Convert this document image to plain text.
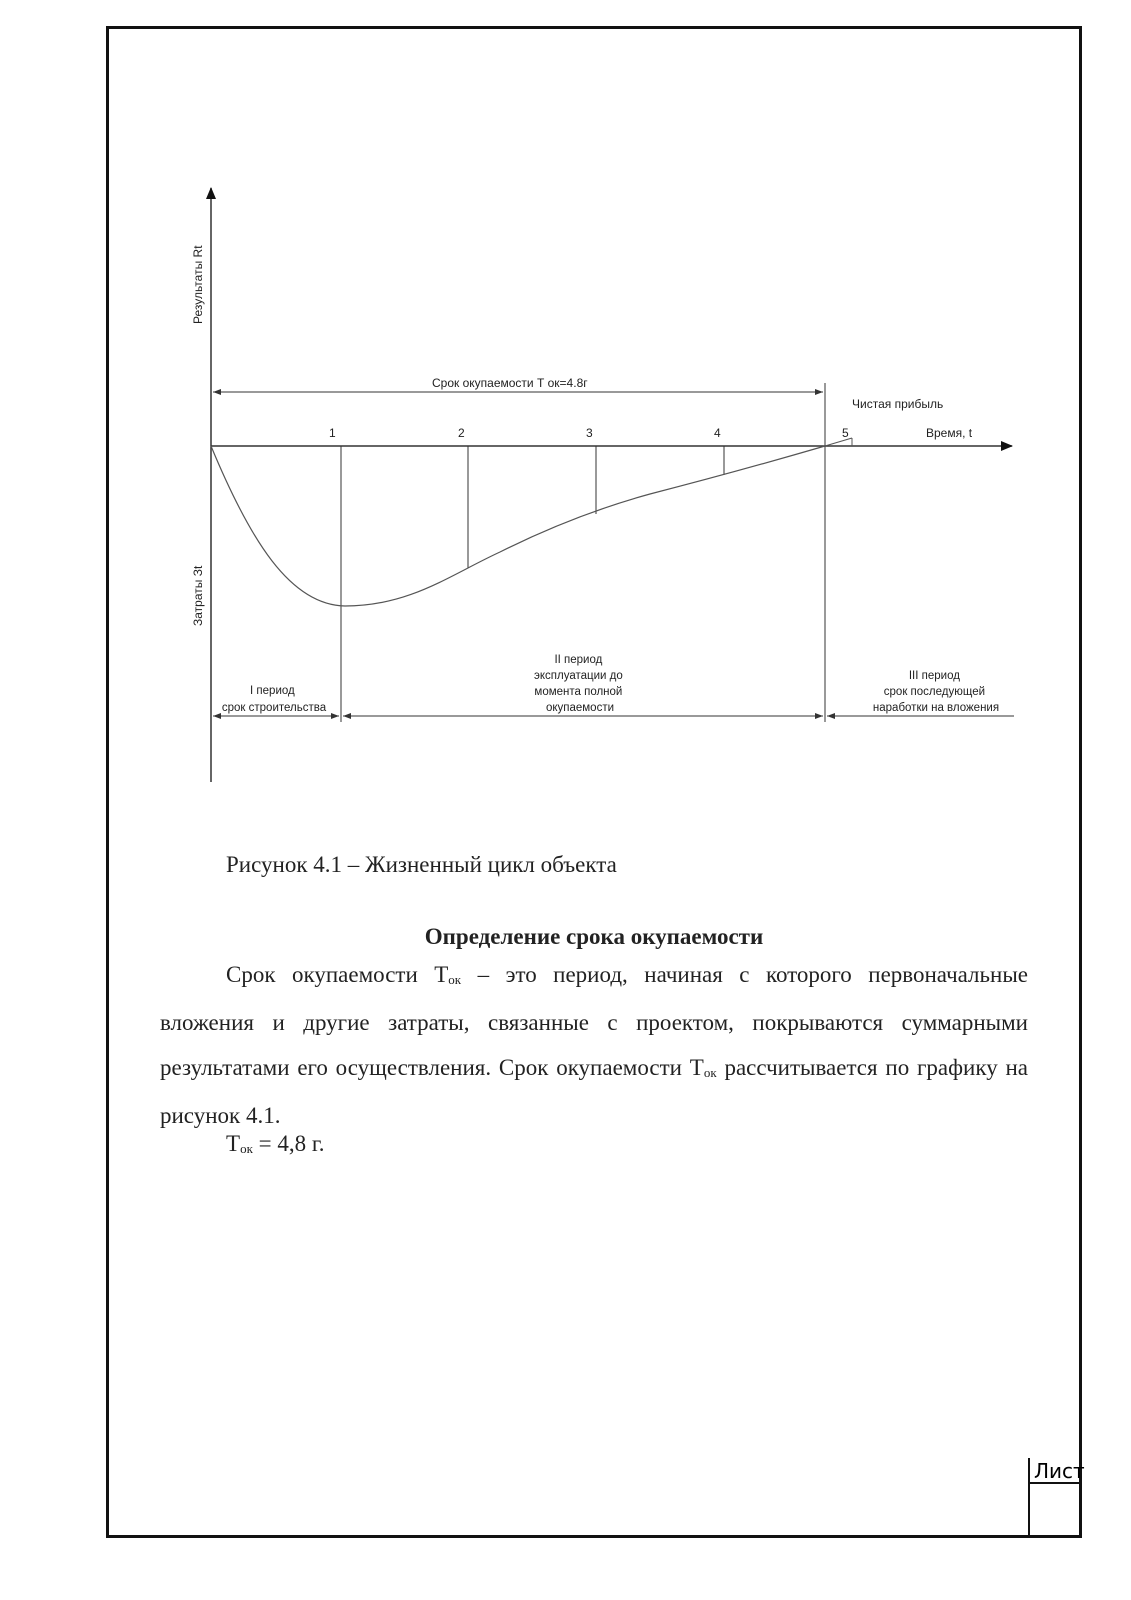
Результаты Rt
Затраты Зt
Время, t
1	2	3	4	5
Срок окупаемости Т ок=4.8г
Чистая прибыль
I период срок строительства
II период эксплуатации до момента полной окупаемости
III период срок последующей наработки на вложения
Рисунок 4.1 – Жизненный цикл объекта
Определение срока окупаемости
Срок окупаемости $Т_{ок}$ – это период, начиная с которого первоначальные вложения и другие затраты, связанные с проектом, покрываются суммарными результатами его осуществления. Срок окупаемости $Т_{ок}$ рассчитывается по графику на рисунок 4.1.
$Т_{ок} = 4,8$ г.
Лист
